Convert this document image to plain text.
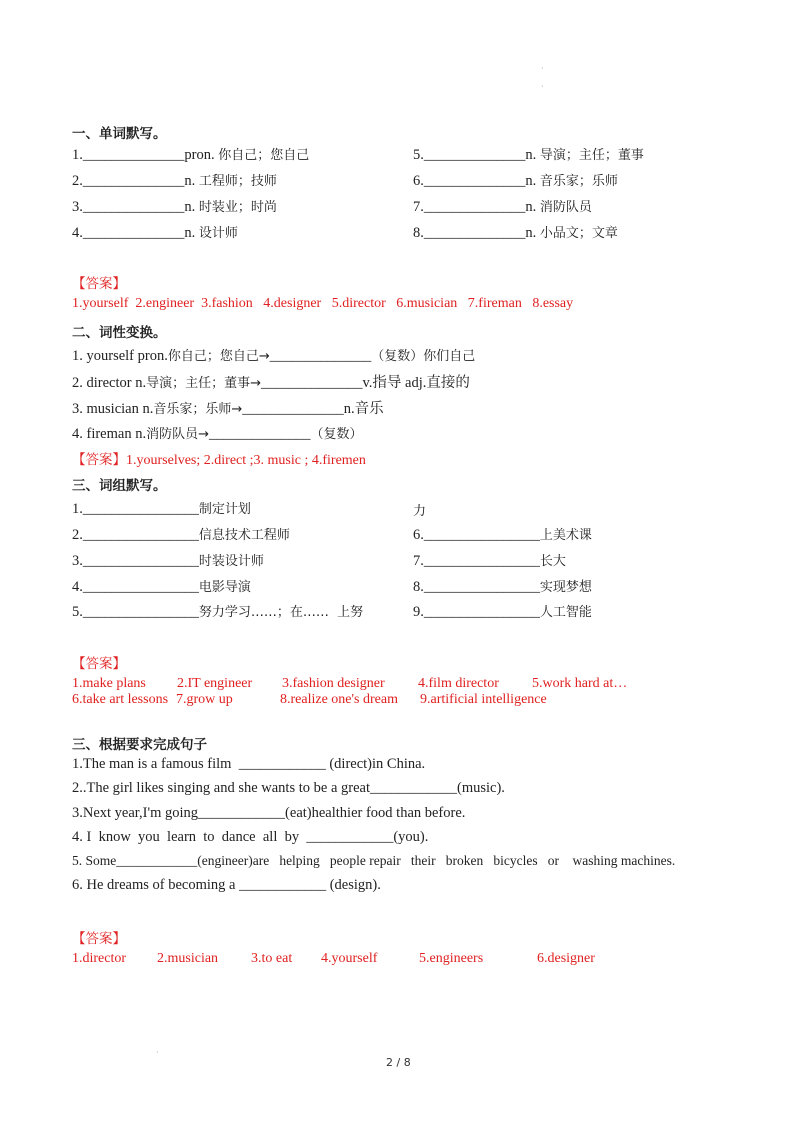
·
·
·
一、单词默写。
1.______________pron. 你自己；您自己
2.______________n. 工程师；技师
3.______________n. 时装业；时尚
4.______________n. 设计师
5.______________n. 导演；主任；董事
6.______________n. 音乐家；乐师
7.______________n. 消防队员
8.______________n. 小品文；文章
【答案】
1.yourself  2.engineer  3.fashion   4.designer   5.director   6.musician   7.fireman   8.essay
二、词性变换。
1. yourself pron.你自己；您自己→______________（复数）你们自己
2. director n.导演；主任；董事→______________v.指导 adj.直接的
3. musician n.音乐家；乐师→______________n.音乐
4. fireman n.消防队员→______________（复数）
【答案】1.yourselves; 2.direct ;3. music ; 4.firemen
三、词组默写。
1.________________制定计划
2.________________信息技术工程师
3.________________时装设计师
4.________________电影导演
5.________________努力学习……；在……  上努
力
6.________________上美术课
7.________________长大
8.________________实现梦想
9.________________人工智能
【答案】
1.make plans 2.IT engineer 3.fashion designer 4.film director 5.work hard at…
6.take art lessons 7.grow up	8.realize one's dream 9.artificial intelligence
三、根据要求完成句子
1.The man is a famous film  ____________ (direct)in China.
2..The girl likes singing and she wants to be a great____________(music).
3.Next year,I'm going____________(eat)healthier food than before.
4. I  know  you  learn  to  dance  all  by  ____________(you).
5. Some____________(engineer)are   helping   people repair   their   broken   bicycles   or    washing machines.
6. He dreams of becoming a ____________ (design).
【答案】
1.director 2.musician 3.to eat 4.yourself	5.engineers	6.designer
2 / 8
